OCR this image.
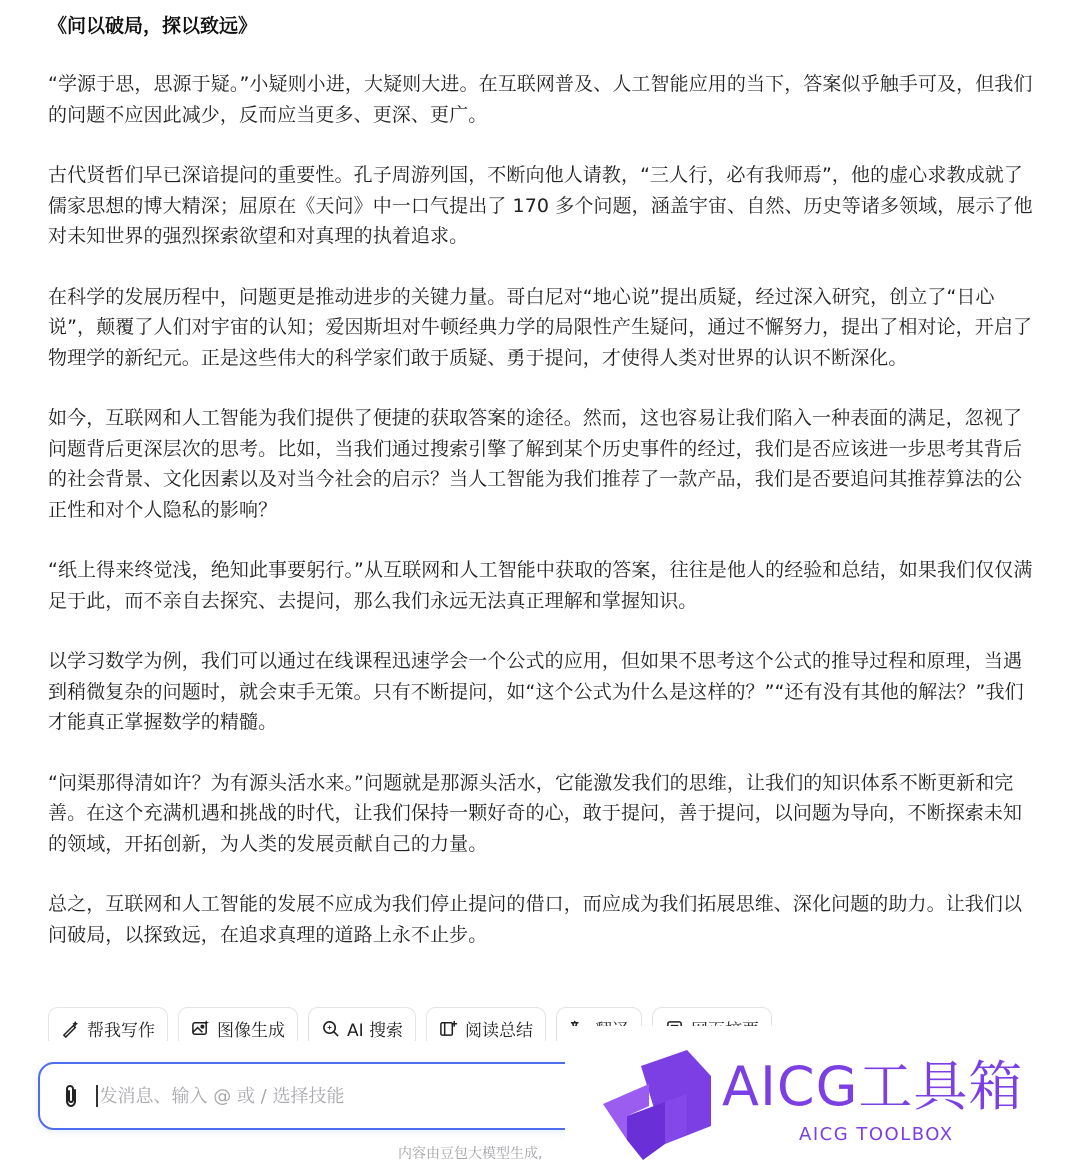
《问以破局，探以致远》

“学源于思，思源于疑。”小疑则小进，大疑则大进。在互联网普及、人工智能应用的当下，答案似乎触手可及，但我们的问题不应因此减少，反而应当更多、更深、更广。

古代贤哲们早已深谙提问的重要性。孔子周游列国，不断向他人请教，“三人行，必有我师焉”，他的虚心求教成就了儒家思想的博大精深；屈原在《天问》中一口气提出了 170 多个问题，涵盖宇宙、自然、历史等诸多领域，展示了他对未知世界的强烈探索欲望和对真理的执着追求。

在科学的发展历程中，问题更是推动进步的关键力量。哥白尼对“地心说”提出质疑，经过深入研究，创立了“日心说”，颠覆了人们对宇宙的认知；爱因斯坦对牛顿经典力学的局限性产生疑问，通过不懈努力，提出了相对论，开启了物理学的新纪元。正是这些伟大的科学家们敢于质疑、勇于提问，才使得人类对世界的认识不断深化。

如今，互联网和人工智能为我们提供了便捷的获取答案的途径。然而，这也容易让我们陷入一种表面的满足，忽视了问题背后更深层次的思考。比如，当我们通过搜索引擎了解到某个历史事件的经过，我们是否应该进一步思考其背后的社会背景、文化因素以及对当今社会的启示？当人工智能为我们推荐了一款产品，我们是否要追问其推荐算法的公正性和对个人隐私的影响？

“纸上得来终觉浅，绝知此事要躬行。”从互联网和人工智能中获取的答案，往往是他人的经验和总结，如果我们仅仅满足于此，而不亲自去探究、去提问，那么我们永远无法真正理解和掌握知识。

以学习数学为例，我们可以通过在线课程迅速学会一个公式的应用，但如果不思考这个公式的推导过程和原理，当遇到稍微复杂的问题时，就会束手无策。只有不断提问，如“这个公式为什么是这样的？”“还有没有其他的解法？”我们才能真正掌握数学的精髓。

“问渠那得清如许？为有源头活水来。”问题就是那源头活水，它能激发我们的思维，让我们的知识体系不断更新和完善。在这个充满机遇和挑战的时代，让我们保持一颗好奇的心，敢于提问，善于提问，以问题为导向，不断探索未知的领域，开拓创新，为人类的发展贡献自己的力量。

总之，互联网和人工智能的发展不应成为我们停止提问的借口，而应成为我们拓展思维、深化问题的助力。让我们以问破局，以探致远，在追求真理的道路上永不止步。

帮我写作	图像生成	AI 搜索	阅读总结
发消息、输入 @ 或 / 选择技能
内容由豆包大模型生成,
AICG工具箱
AICG TOOLBOX
